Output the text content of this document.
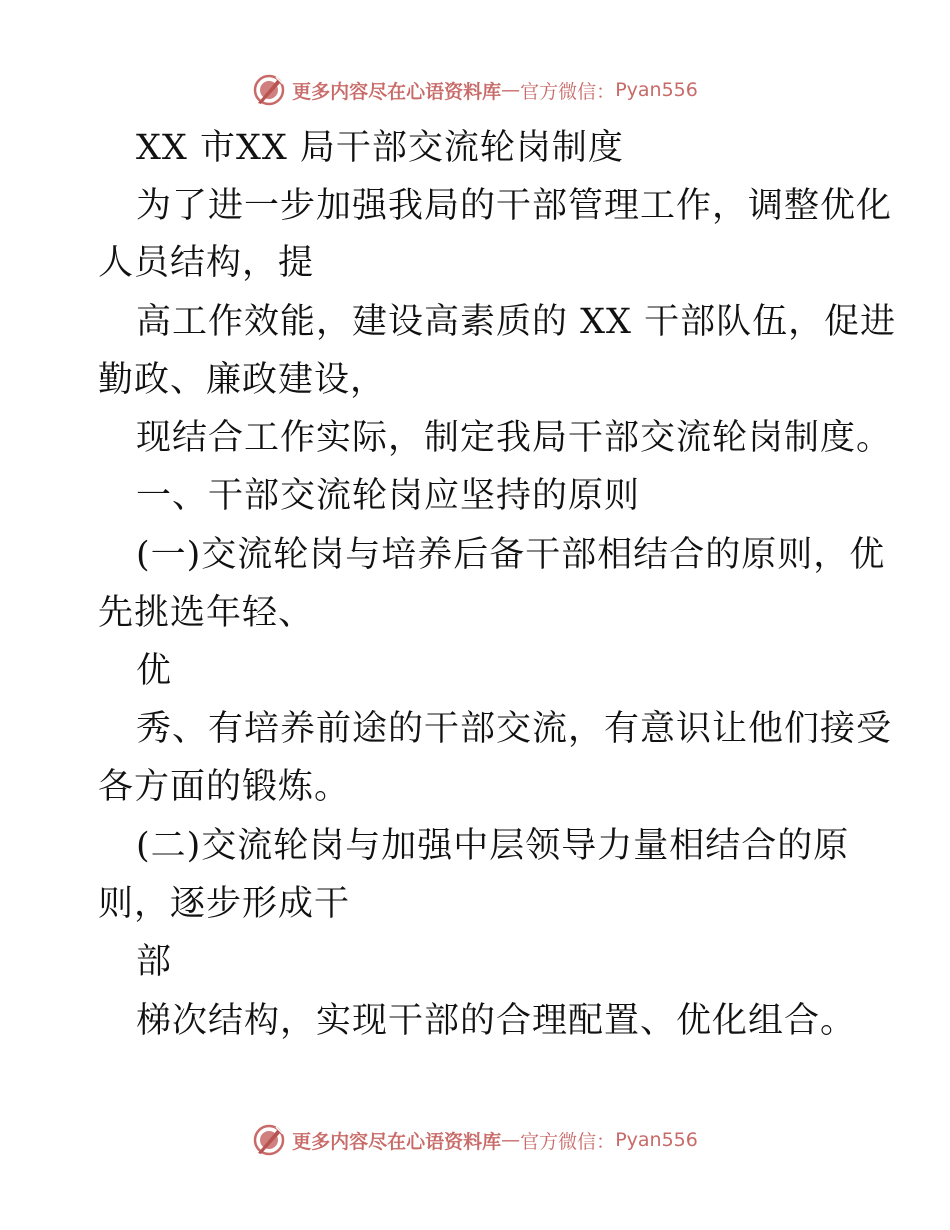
更多内容尽在心语资料库 — 官方微信： Pyan556
XX 市XX 局干部交流轮岗制度
为了进一步加强我局的干部管理工作，调整优化
人员结构，提
高工作效能，建设高素质的 XX 干部队伍，促进
勤政、廉政建设，
现结合工作实际，制定我局干部交流轮岗制度。
一、干部交流轮岗应坚持的原则
(一)交流轮岗与培养后备干部相结合的原则，优
先挑选年轻、
优
秀、有培养前途的干部交流，有意识让他们接受
各方面的锻炼。
(二)交流轮岗与加强中层领导力量相结合的原
则，逐步形成干
部
梯次结构，实现干部的合理配置、优化组合。
更多内容尽在心语资料库 — 官方微信： Pyan556
